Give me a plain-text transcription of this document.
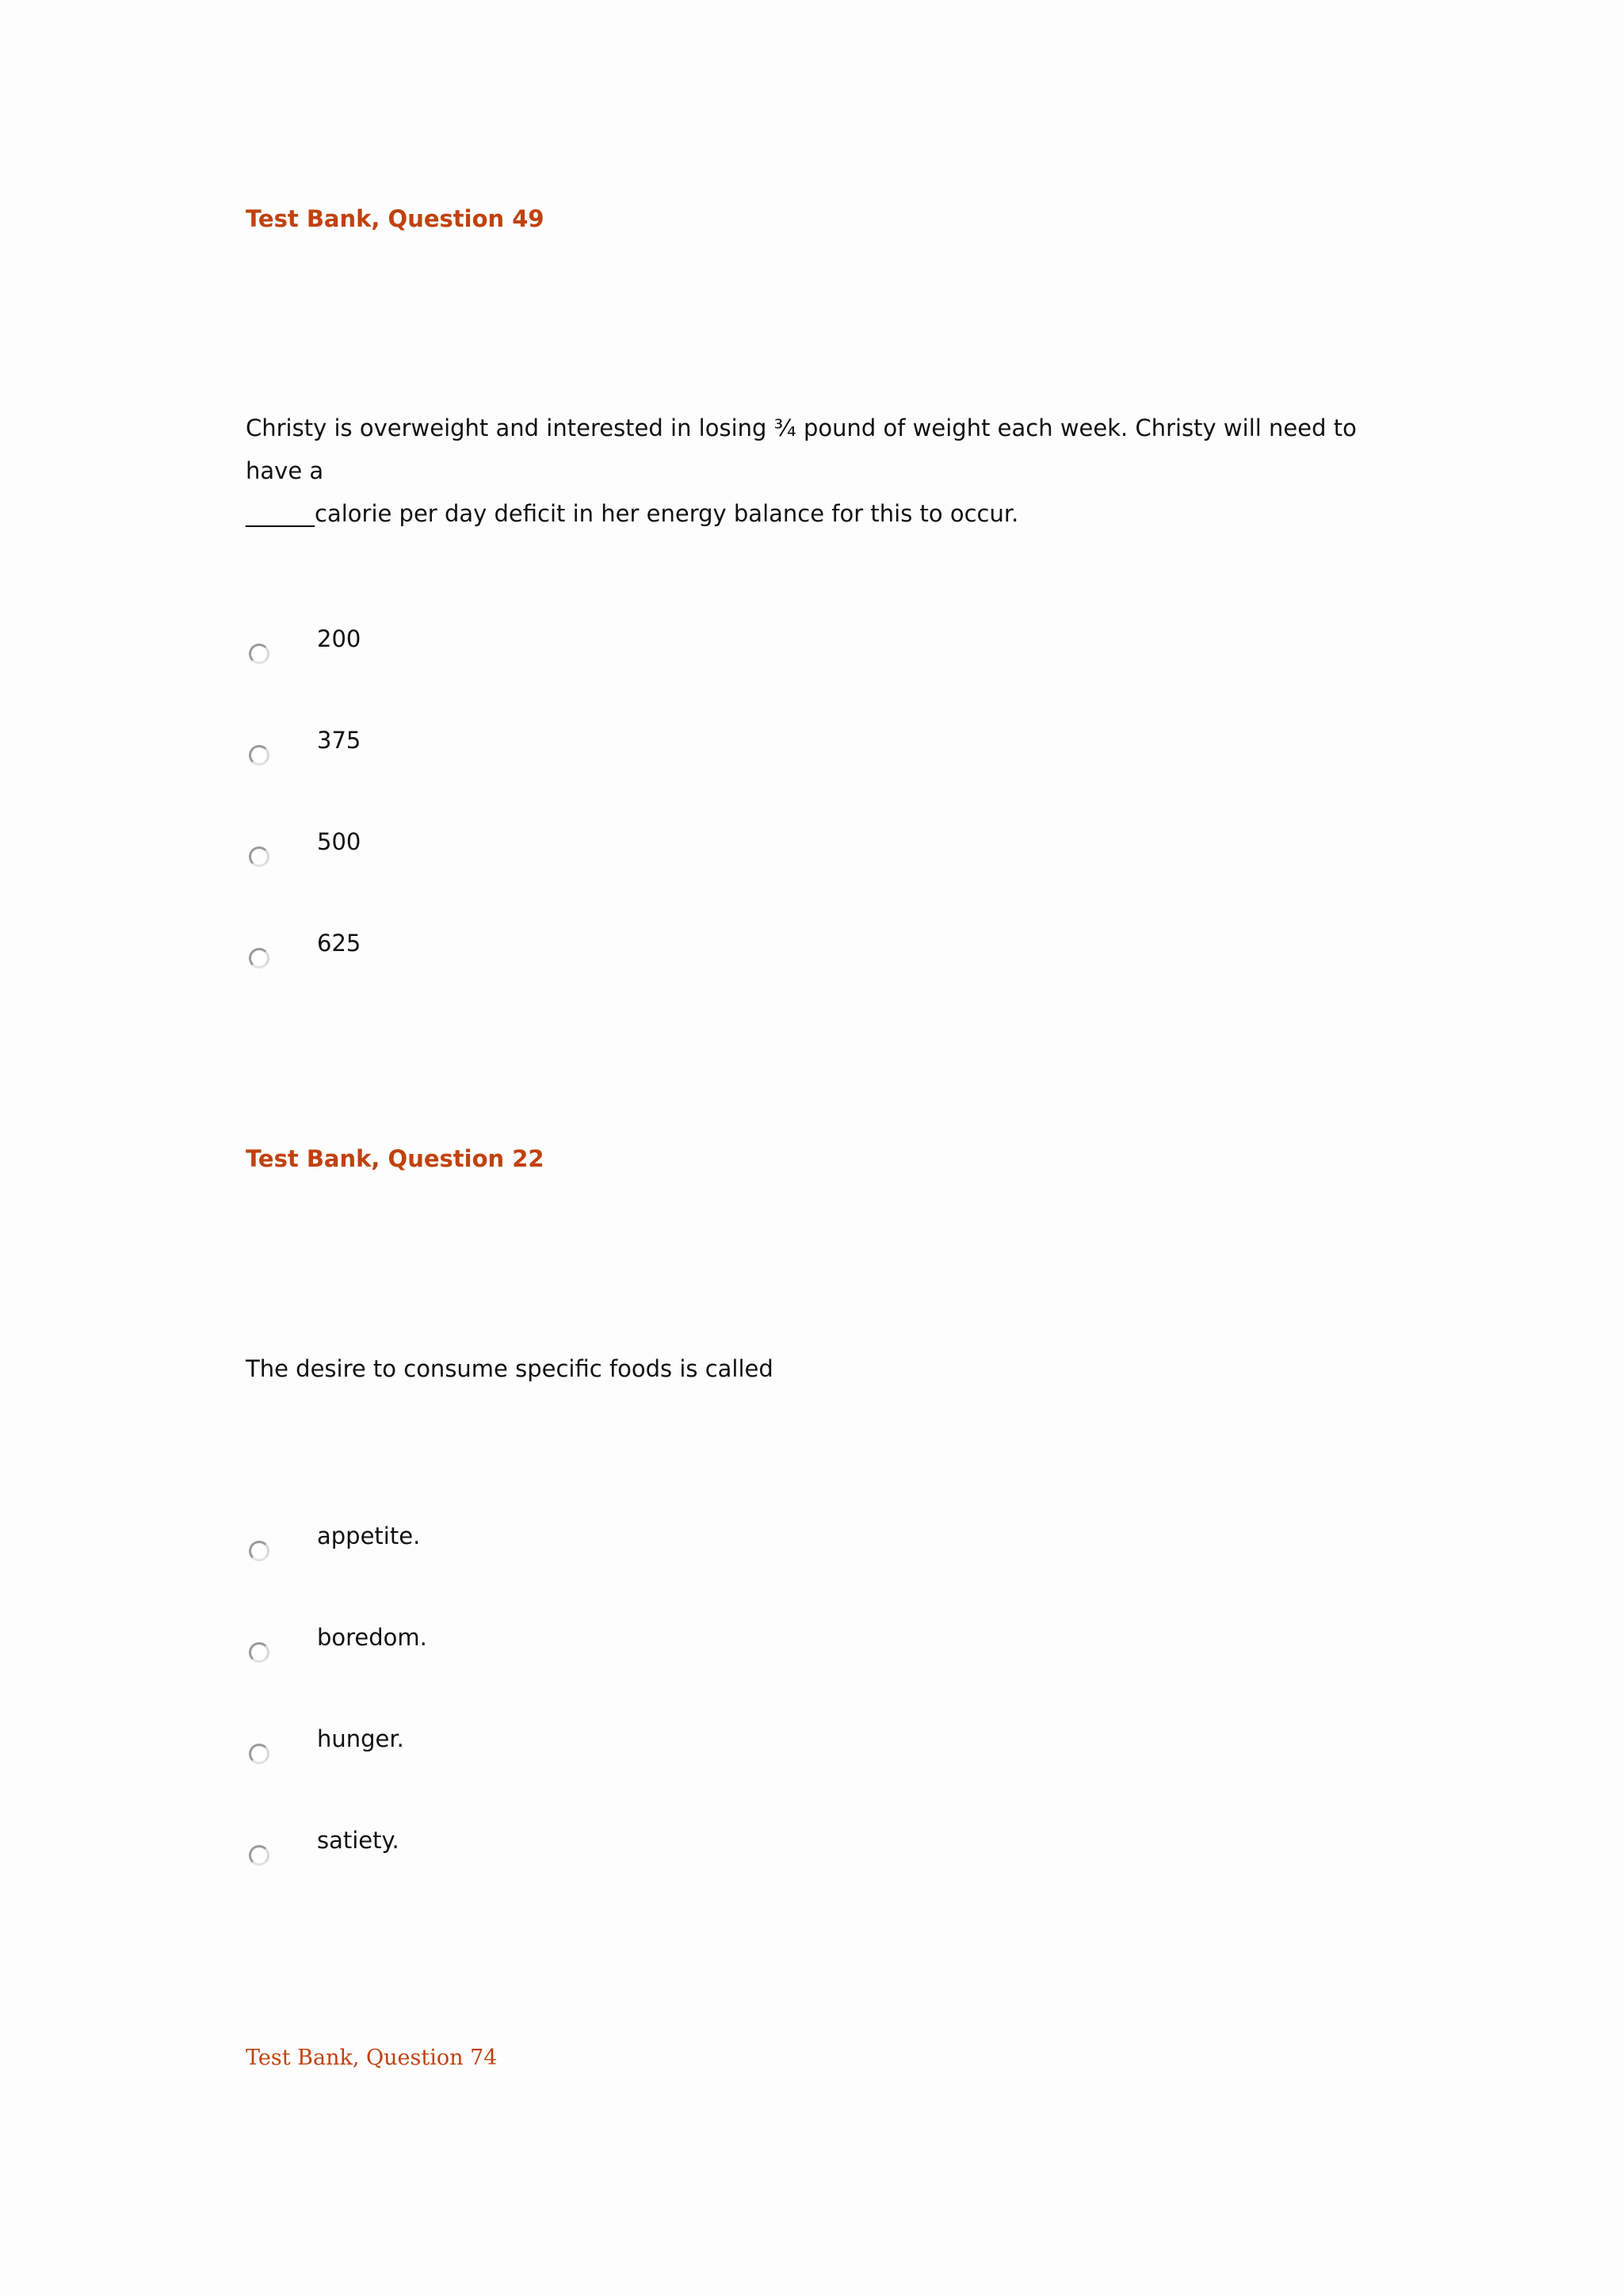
Test Bank, Question 49
Christy is overweight and interested in losing ¾ pound of weight each week. Christy will need to have a
______calorie per day deficit in her energy balance for this to occur.
200
375
500
625
Test Bank, Question 22
The desire to consume specific foods is called
appetite.
boredom.
hunger.
satiety.
Test Bank, Question 74
